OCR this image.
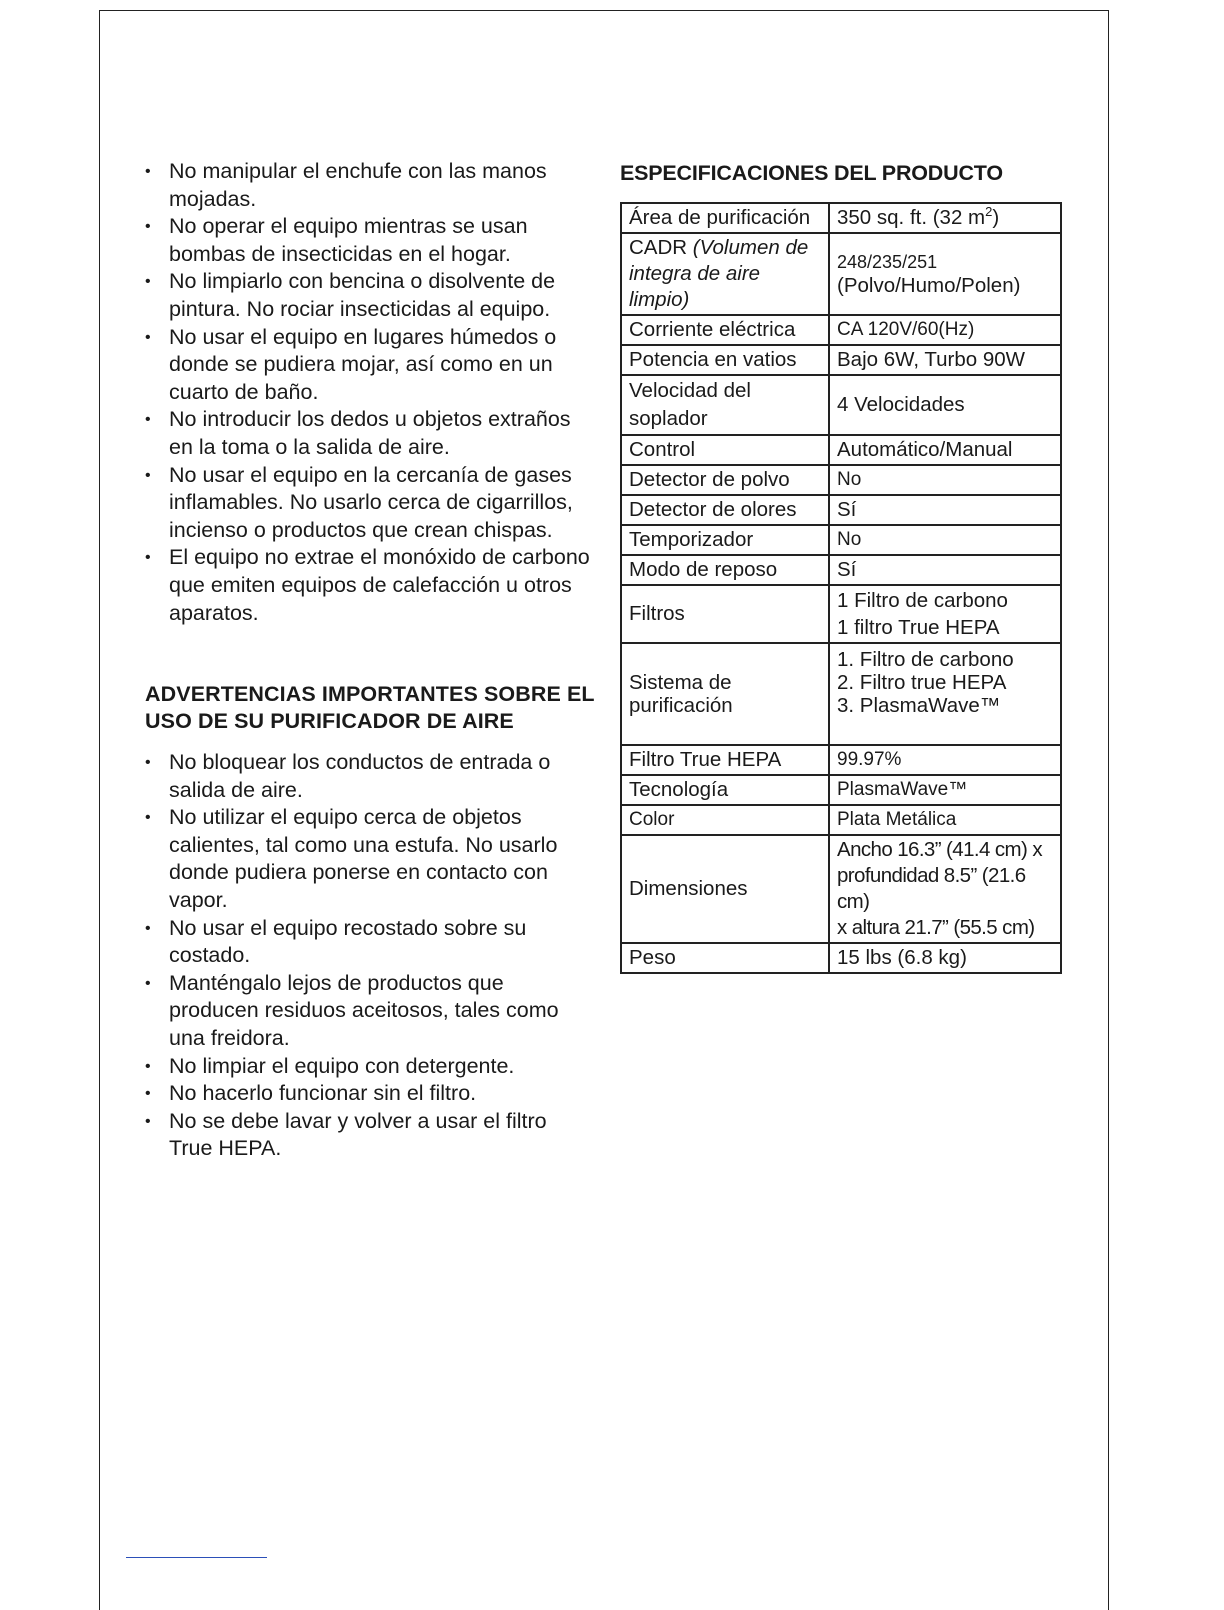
• No manipular el enchufe con las manos mojadas.
• No operar el equipo mientras se usan bombas de insecticidas en el hogar.
• No limpiarlo con bencina o disolvente de pintura. No rociar insecticidas al equipo.
• No usar el equipo en lugares húmedos o donde se pudiera mojar, así como en un cuarto de baño.
• No introducir los dedos u objetos extraños en la toma o la salida de aire.
• No usar el equipo en la cercanía de gases inflamables. No usarlo cerca de cigarrillos, incienso o productos que crean chispas.
• El equipo no extrae el monóxido de carbono que emiten equipos de calefacción u otros aparatos.
ADVERTENCIAS IMPORTANTES SOBRE EL USO DE SU PURIFICADOR DE AIRE
• No bloquear los conductos de entrada o salida de aire.
• No utilizar el equipo cerca de objetos calientes, tal como una estufa. No usarlo donde pudiera ponerse en contacto con vapor.
• No usar el equipo recostado sobre su costado.
• Manténgalo lejos de productos que producen residuos aceitosos, tales como una freidora.
• No limpiar el equipo con detergente.
• No hacerlo funcionar sin el filtro.
• No se debe lavar y volver a usar el filtro True HEPA.
ESPECIFICACIONES DEL PRODUCTO
Área de purificación	350 sq. ft. (32 $m^2$)
CADR (Volumen de integra de aire limpio)	248/235/251
(Polvo/Humo/Polen)

Corriente eléctrica	CA 120V/60(Hz)
Potencia en vatios	Bajo 6W, Turbo 90W
Velocidad del soplador	4 Velocidades
Control	Automático/Manual
Detector de polvo	No
Detector de olores	Sí
Temporizador	No
Modo de reposo	Sí
Filtros	1 Filtro de carbono
1 filtro True HEPA

Sistema de purificación	1. Filtro de carbono
2. Filtro true HEPA
3. PlasmaWave™

Filtro True HEPA	99.97%
Tecnología	PlasmaWave™
Color	Plata Metálica
Dimensiones	Ancho 16.3” (41.4 cm) x
profundidad 8.5” (21.6 cm)
x altura 21.7” (55.5 cm)

Peso	15 lbs (6.8 kg)
